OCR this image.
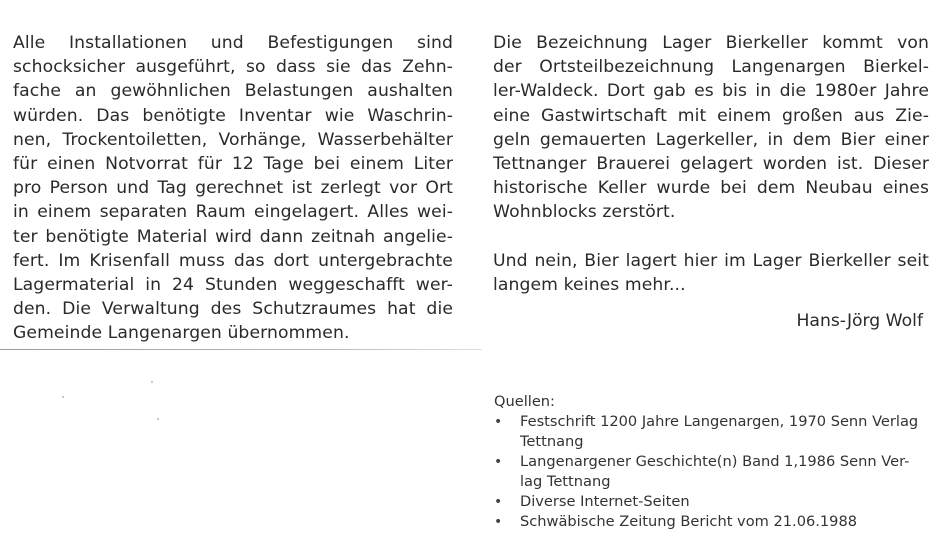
Alle Installationen und Befestigungen sind
schocksicher ausgeführt, so dass sie das Zehn-
fache an gewöhnlichen Belastungen aushalten
würden. Das benötigte Inventar wie Waschrin-
nen, Trockentoiletten, Vorhänge, Wasserbehälter
für einen Notvorrat für 12 Tage bei einem Liter
pro Person und Tag gerechnet ist zerlegt vor Ort
in einem separaten Raum eingelagert. Alles wei-
ter benötigte Material wird dann zeitnah angelie-
fert. Im Krisenfall muss das dort untergebrachte
Lagermaterial in 24 Stunden weggeschafft wer-
den. Die Verwaltung des Schutzraumes hat die
Gemeinde Langenargen übernommen.
Die Bezeichnung Lager Bierkeller kommt von
der Ortsteilbezeichnung Langenargen Bierkel-
ler-Waldeck. Dort gab es bis in die 1980er Jahre
eine Gastwirtschaft mit einem großen aus Zie-
geln gemauerten Lagerkeller, in dem Bier einer
Tettnanger Brauerei gelagert worden ist. Dieser
historische Keller wurde bei dem Neubau eines
Wohnblocks zerstört.
Und nein, Bier lagert hier im Lager Bierkeller seit
langem keines mehr...
Hans-Jörg Wolf
Quellen:
• Festschrift 1200 Jahre Langenargen, 1970 Senn Verlag
Tettnang
• Langenargener Geschichte(n) Band 1,1986 Senn Ver-
lag Tettnang
• Diverse Internet-Seiten
• Schwäbische Zeitung Bericht vom 21.06.1988
